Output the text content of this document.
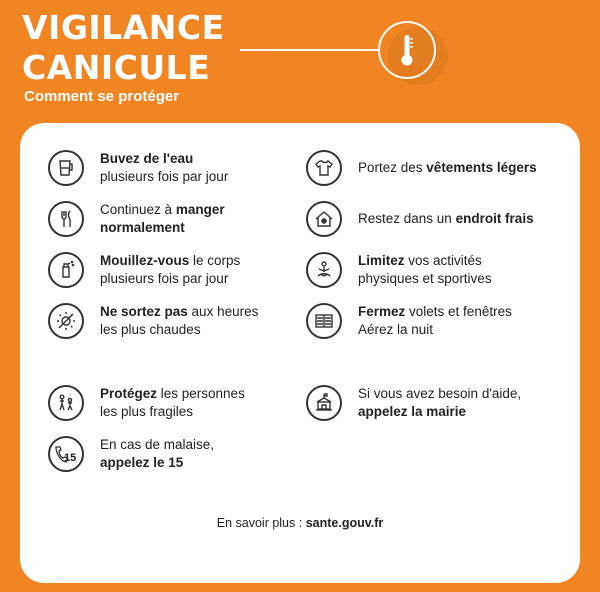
VIGILANCE
CANICULE
Comment se protéger
Buvez de l'eau
plusieurs fois par jour
Portez des vêtements légers
Continuez à manger
normalement
Restez dans un endroit frais
Mouillez-vous le corps
plusieurs fois par jour
Limitez vos activités
physiques et sportives
Ne sortez pas aux heures
les plus chaudes
Fermez volets et fenêtres
Aérez la nuit
Protégez les personnes
les plus fragiles
Si vous avez besoin d'aide,
appelez la mairie
15
En cas de malaise,
appelez le 15
En savoir plus : sante.gouv.fr
